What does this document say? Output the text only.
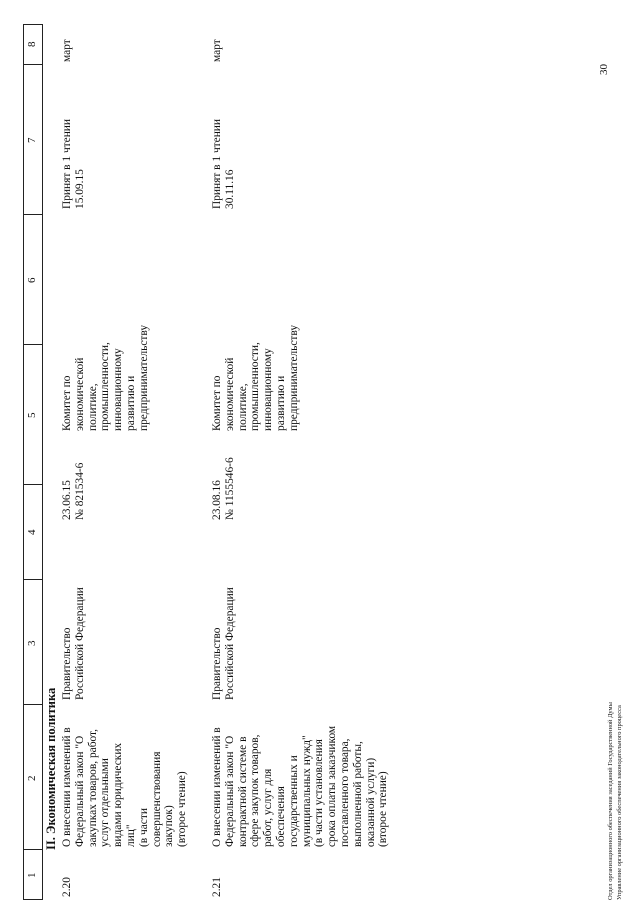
1
2
3
4
5
6
7
8
II. Экономическая политика
2.20
О внесении изменений в
Федеральный закон "О
закупках товаров, работ,
услуг отдельными
видами юридических
лиц"
(в части
совершенствования
закупок)
(второе чтение)
Правительство
Российской Федерации
23.06.15
№ 821534-6
Комитет по
экономической
политике,
промышленности,
инновационному
развитию и
предпринимательству
Принят в 1 чтении
15.09.15
март
2.21
О внесении изменений в
Федеральный закон "О
контрактной системе в
сфере закупок товаров,
работ, услуг для
обеспечения
государственных и
муниципальных нужд"
(в части установления
срока оплаты заказчиком
поставленного товара,
выполненной работы,
оказанной услуги)
(второе чтение)
Правительство
Российской Федерации
23.08.16
№ 1155546-6
Комитет по
экономической
политике,
промышленности,
инновационному
развитию и
предпринимательству
Принят в 1 чтении
30.11.16
март
Отдел организационного обеспечения заседаний Государственной Думы Управление организационного обеспечения законодательного процесса
30
